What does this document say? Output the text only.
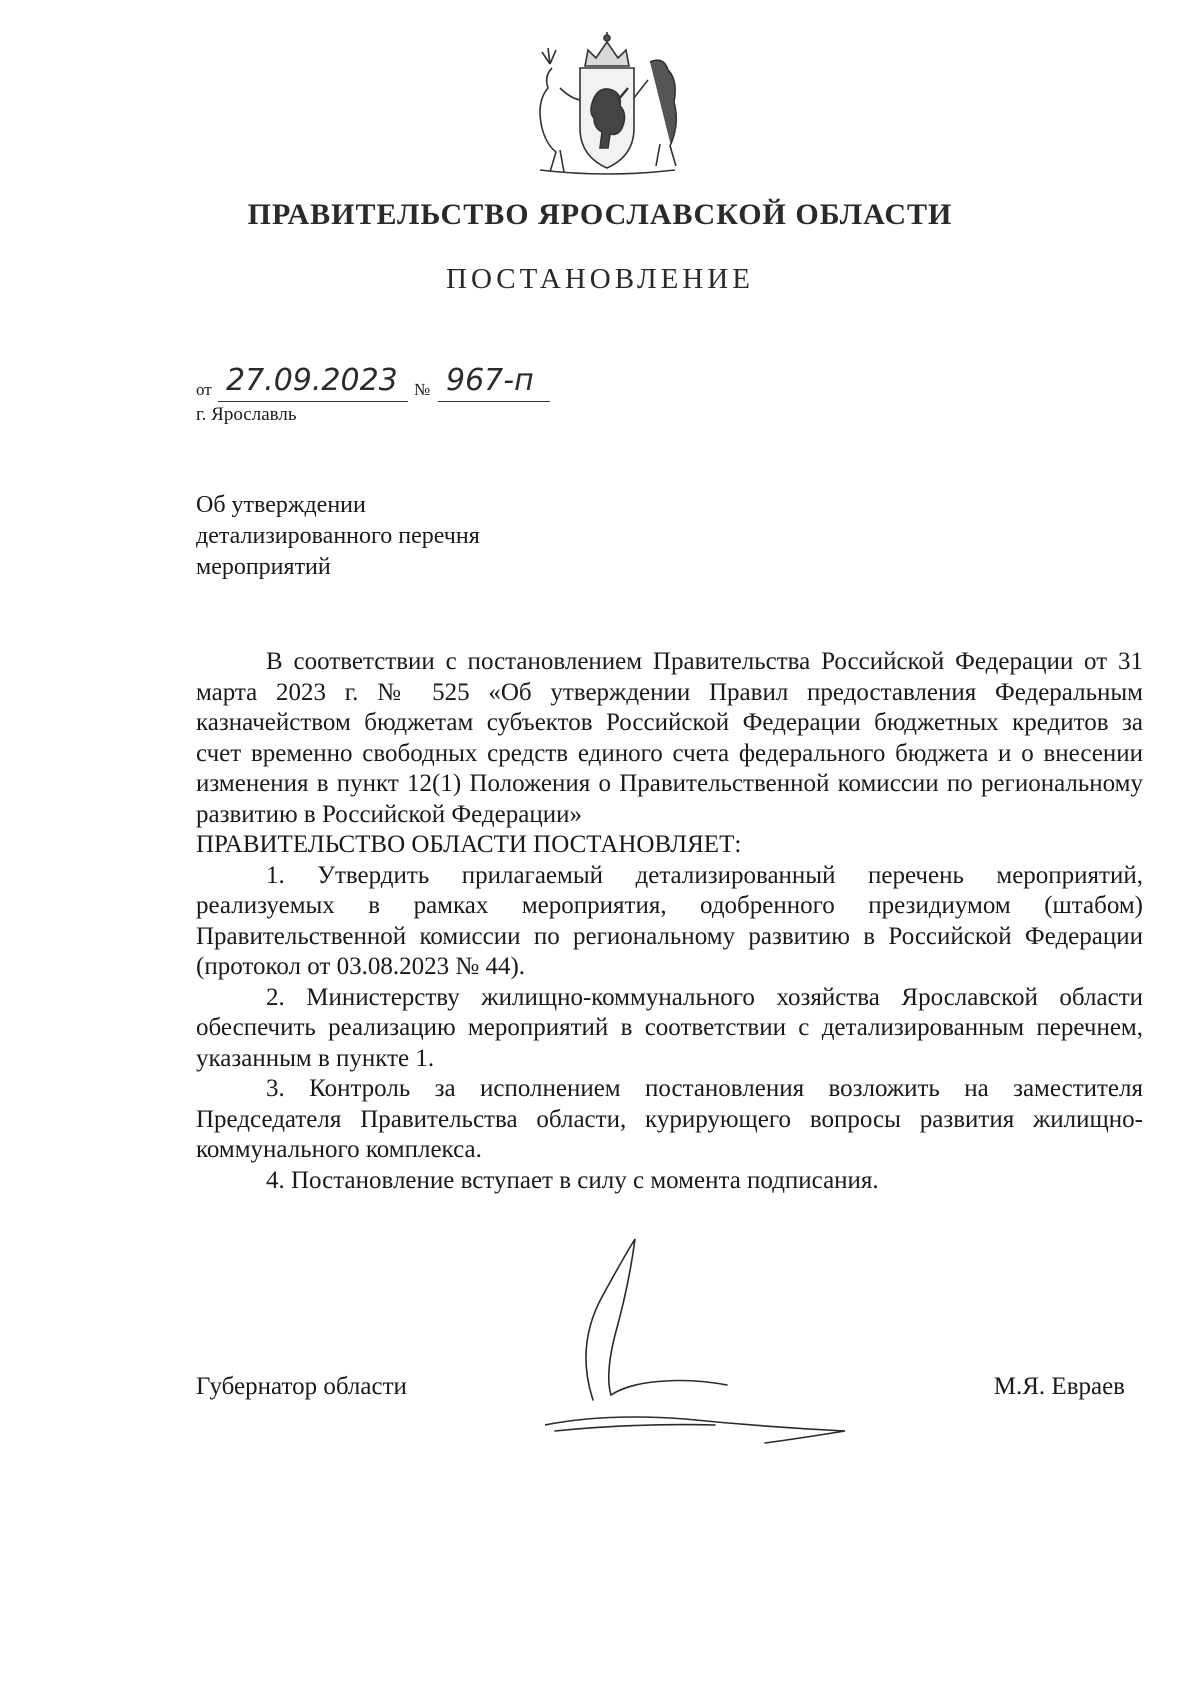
ПРАВИТЕЛЬСТВО ЯРОСЛАВСКОЙ ОБЛАСТИ
ПОСТАНОВЛЕНИЕ
от 27.09.2023 № 967-п
г. Ярославль
Об утверждении
детализированного перечня
мероприятий

В соответствии с постановлением Правительства Российской Федерации от 31 марта 2023 г. № 525 «Об утверждении Правил предоставления Федеральным казначейством бюджетам субъектов Российской Федерации бюджетных кредитов за счет временно свободных средств единого счета федерального бюджета и о внесении изменения в пункт 12(1) Положения о Правительственной комиссии по региональному развитию в Российской Федерации»

ПРАВИТЕЛЬСТВО ОБЛАСТИ ПОСТАНОВЛЯЕТ:

1. Утвердить прилагаемый детализированный перечень мероприятий, реализуемых в рамках мероприятия, одобренного президиумом (штабом) Правительственной комиссии по региональному развитию в Российской Федерации (протокол от 03.08.2023 № 44).

2. Министерству жилищно-коммунального хозяйства Ярославской области обеспечить реализацию мероприятий в соответствии с детализированным перечнем, указанным в пункте 1.

3. Контроль за исполнением постановления возложить на заместителя Председателя Правительства области, курирующего вопросы развития жилищно-коммунального комплекса.

4. Постановление вступает в силу с момента подписания.

Губернатор области	М.Я. Евраев
